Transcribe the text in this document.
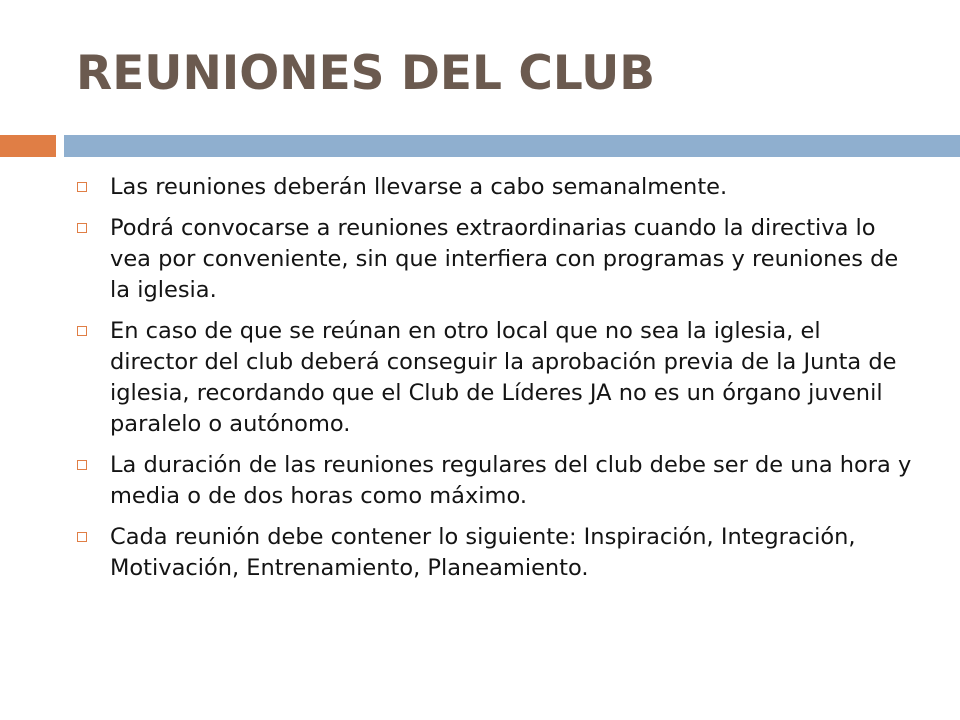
REUNIONES DEL CLUB
Las reuniones deberán llevarse a cabo semanalmente.
Podrá convocarse a reuniones extraordinarias cuando la directiva lo vea por conveniente, sin que interfiera con programas y reuniones de la iglesia.
En caso de que se reúnan en otro local que no sea la iglesia, el director del club deberá conseguir la aprobación previa de la Junta de iglesia, recordando que el Club de Líderes JA no es un órgano juvenil paralelo o autónomo.
La duración de las reuniones regulares del club debe ser de una hora y media o de dos horas como máximo.
Cada reunión debe contener lo siguiente: Inspiración, Integración, Motivación, Entrenamiento, Planeamiento.
